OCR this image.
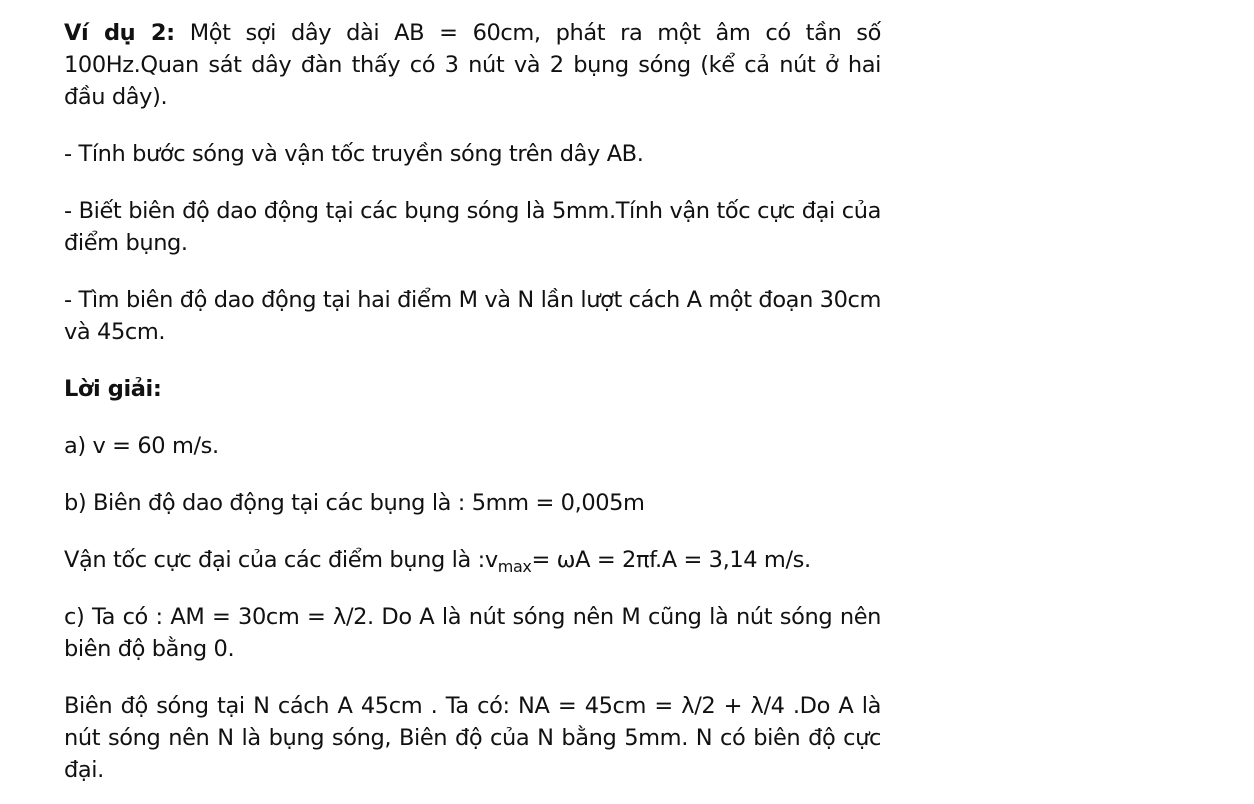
Ví dụ 2: Một sợi dây dài AB = 60cm, phát ra một âm có tần số 100Hz.Quan sát dây đàn thấy có 3 nút và 2 bụng sóng (kể cả nút ở hai đầu dây).

- Tính bước sóng và vận tốc truyền sóng trên dây AB.

- Biết biên độ dao động tại các bụng sóng là 5mm.Tính vận tốc cực đại của điểm bụng.

- Tìm biên độ dao động tại hai điểm M và N lần lượt cách A một đoạn 30cm và 45cm.

Lời giải:

a) v = 60 m/s.

b) Biên độ dao động tại các bụng là : 5mm = 0,005m

Vận tốc cực đại của các điểm bụng là $:v_{max}= \omega A = 2\pi f.A = 3,14$ m/s.

c) Ta có : AM = 30cm = λ/2. Do A là nút sóng nên M cũng là nút sóng nên biên độ bằng 0.

Biên độ sóng tại N cách A 45cm . Ta có: NA = 45cm = λ/2 + λ/4 .Do A là nút sóng nên N là bụng sóng, Biên độ của N bằng 5mm. N có biên độ cực đại.
